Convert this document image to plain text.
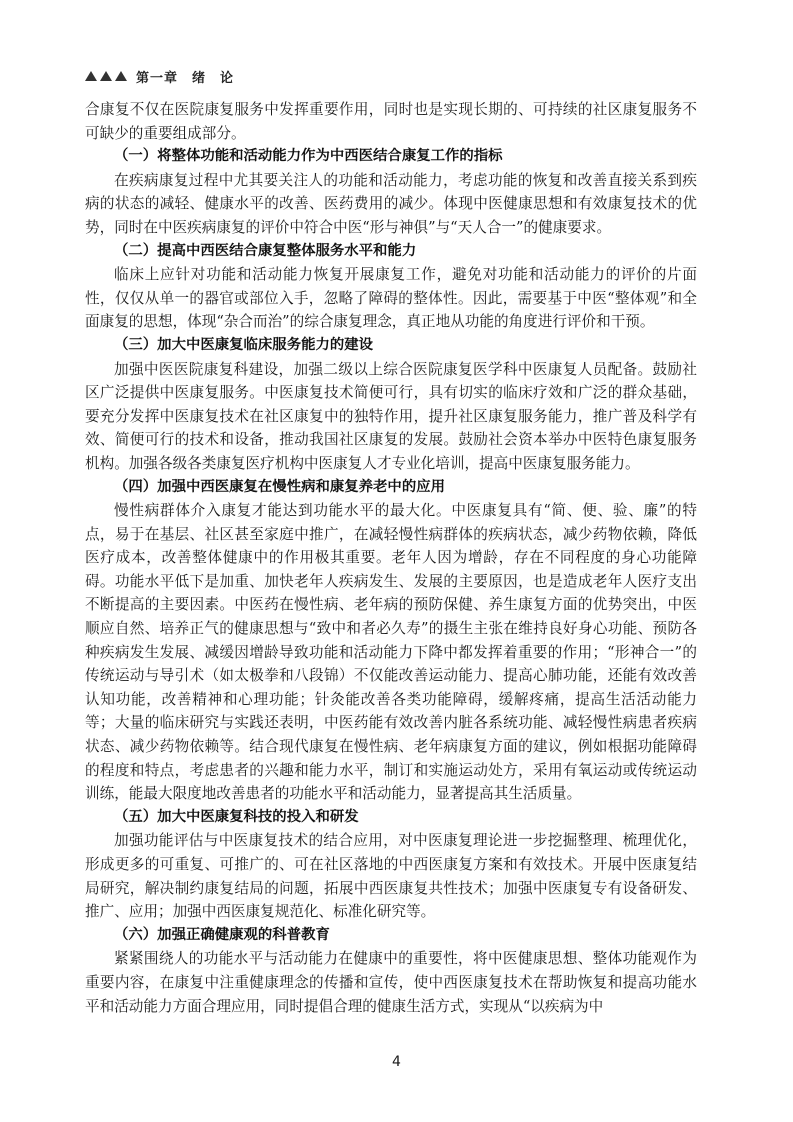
第一章　绪　论

合康复不仅在医院康复服务中发挥重要作用，同时也是实现长期的、可持续的社区康复服务不可缺少的重要组成部分。

（一）将整体功能和活动能力作为中西医结合康复工作的指标

在疾病康复过程中尤其要关注人的功能和活动能力，考虑功能的恢复和改善直接关系到疾病的状态的减轻、健康水平的改善、医药费用的减少。体现中医健康思想和有效康复技术的优势，同时在中医疾病康复的评价中符合中医“形与神俱”与“天人合一”的健康要求。

（二）提高中西医结合康复整体服务水平和能力

临床上应针对功能和活动能力恢复开展康复工作，避免对功能和活动能力的评价的片面性，仅仅从单一的器官或部位入手，忽略了障碍的整体性。因此，需要基于中医“整体观”和全面康复的思想，体现“杂合而治”的综合康复理念，真正地从功能的角度进行评价和干预。

（三）加大中医康复临床服务能力的建设

加强中医医院康复科建设，加强二级以上综合医院康复医学科中医康复人员配备。鼓励社区广泛提供中医康复服务。中医康复技术简便可行，具有切实的临床疗效和广泛的群众基础，要充分发挥中医康复技术在社区康复中的独特作用，提升社区康复服务能力，推广普及科学有效、简便可行的技术和设备，推动我国社区康复的发展。鼓励社会资本举办中医特色康复服务机构。加强各级各类康复医疗机构中医康复人才专业化培训，提高中医康复服务能力。

（四）加强中西医康复在慢性病和康复养老中的应用

慢性病群体介入康复才能达到功能水平的最大化。中医康复具有“简、便、验、廉”的特点，易于在基层、社区甚至家庭中推广，在减轻慢性病群体的疾病状态，减少药物依赖，降低医疗成本，改善整体健康中的作用极其重要。老年人因为增龄，存在不同程度的身心功能障碍。功能水平低下是加重、加快老年人疾病发生、发展的主要原因，也是造成老年人医疗支出不断提高的主要因素。中医药在慢性病、老年病的预防保健、养生康复方面的优势突出，中医顺应自然、培养正气的健康思想与“致中和者必久寿”的摄生主张在维持良好身心功能、预防各种疾病发生发展、减缓因增龄导致功能和活动能力下降中都发挥着重要的作用；“形神合一”的传统运动与导引术（如太极拳和八段锦）不仅能改善运动能力、提高心肺功能，还能有效改善认知功能，改善精神和心理功能；针灸能改善各类功能障碍，缓解疼痛，提高生活活动能力等；大量的临床研究与实践还表明，中医药能有效改善内脏各系统功能、减轻慢性病患者疾病状态、减少药物依赖等。结合现代康复在慢性病、老年病康复方面的建议，例如根据功能障碍的程度和特点，考虑患者的兴趣和能力水平，制订和实施运动处方，采用有氧运动或传统运动训练，能最大限度地改善患者的功能水平和活动能力，显著提高其生活质量。

（五）加大中医康复科技的投入和研发

加强功能评估与中医康复技术的结合应用，对中医康复理论进一步挖掘整理、梳理优化，形成更多的可重复、可推广的、可在社区落地的中西医康复方案和有效技术。开展中医康复结局研究，解决制约康复结局的问题，拓展中西医康复共性技术；加强中医康复专有设备研发、推广、应用；加强中西医康复规范化、标准化研究等。

（六）加强正确健康观的科普教育

紧紧围绕人的功能水平与活动能力在健康中的重要性，将中医健康思想、整体功能观作为重要内容，在康复中注重健康理念的传播和宣传，使中西医康复技术在帮助恢复和提高功能水平和活动能力方面合理应用，同时提倡合理的健康生活方式，实现从“以疾病为中

4
